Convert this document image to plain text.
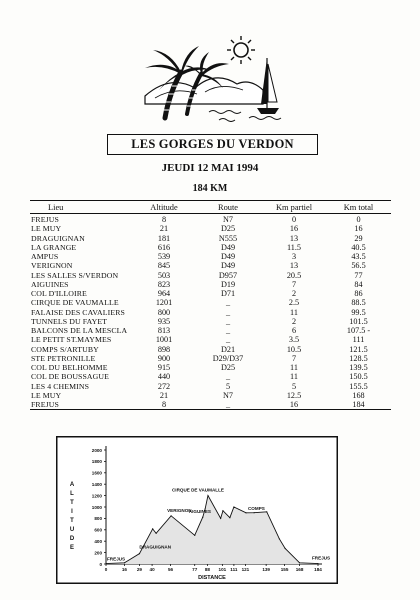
LES GORGES DU VERDON
JEUDI 12 MAI 1994
184 KM
Lieu	Altitude	Route	Km partiel	Km total
FREJUS	8	N7	0	0
LE MUY	21	D25	16	16
DRAGUIGNAN	181	N555	13	29
LA GRANGE	616	D49	11.5	40.5
AMPUS	539	D49	3	43.5
VERIGNON	845	D49	13	56.5
LES SALLES S/VERDON	503	D957	20.5	77
AIGUINES	823	D19	7	84
COL D'ILLOIRE	964	D71	2	86
CIRQUE DE VAUMALLE	1201	_	2.5	88.5
FALAISE DES CAVALIERS	800	_	11	99.5
TUNNELS DU FAYET	935	_	2	101.5
BALCONS DE LA MESCLA	813	_	6	107.5 -
LE PETIT ST.MAYMES	1001	_	3.5	111
COMPS S/ARTUBY	898	D21	10.5	121.5
STE PETRONILLE	900	D29/D37	7	128.5
COL DU BELHOMME	915	D25	11	139.5
COL DE BOUSSAGUE	440	_	11	150.5
LES 4 CHEMINS	272	5	5	155.5
LE MUY	21	N7	12.5	168
FREJUS	8	_	16	184
0
200
400
600
800
1000
1200
1400
1600
1800
2000
0	16 29 40	56	77 88 101 111 121	139 155 168 184
A
L
T
I
T
U
D
E
DISTANCE
FREJUS
DRAGUIGNAN
VERIGNON
AIGUINES
CIRQUE DE VAUMALLE
COMPS
FREJUS
